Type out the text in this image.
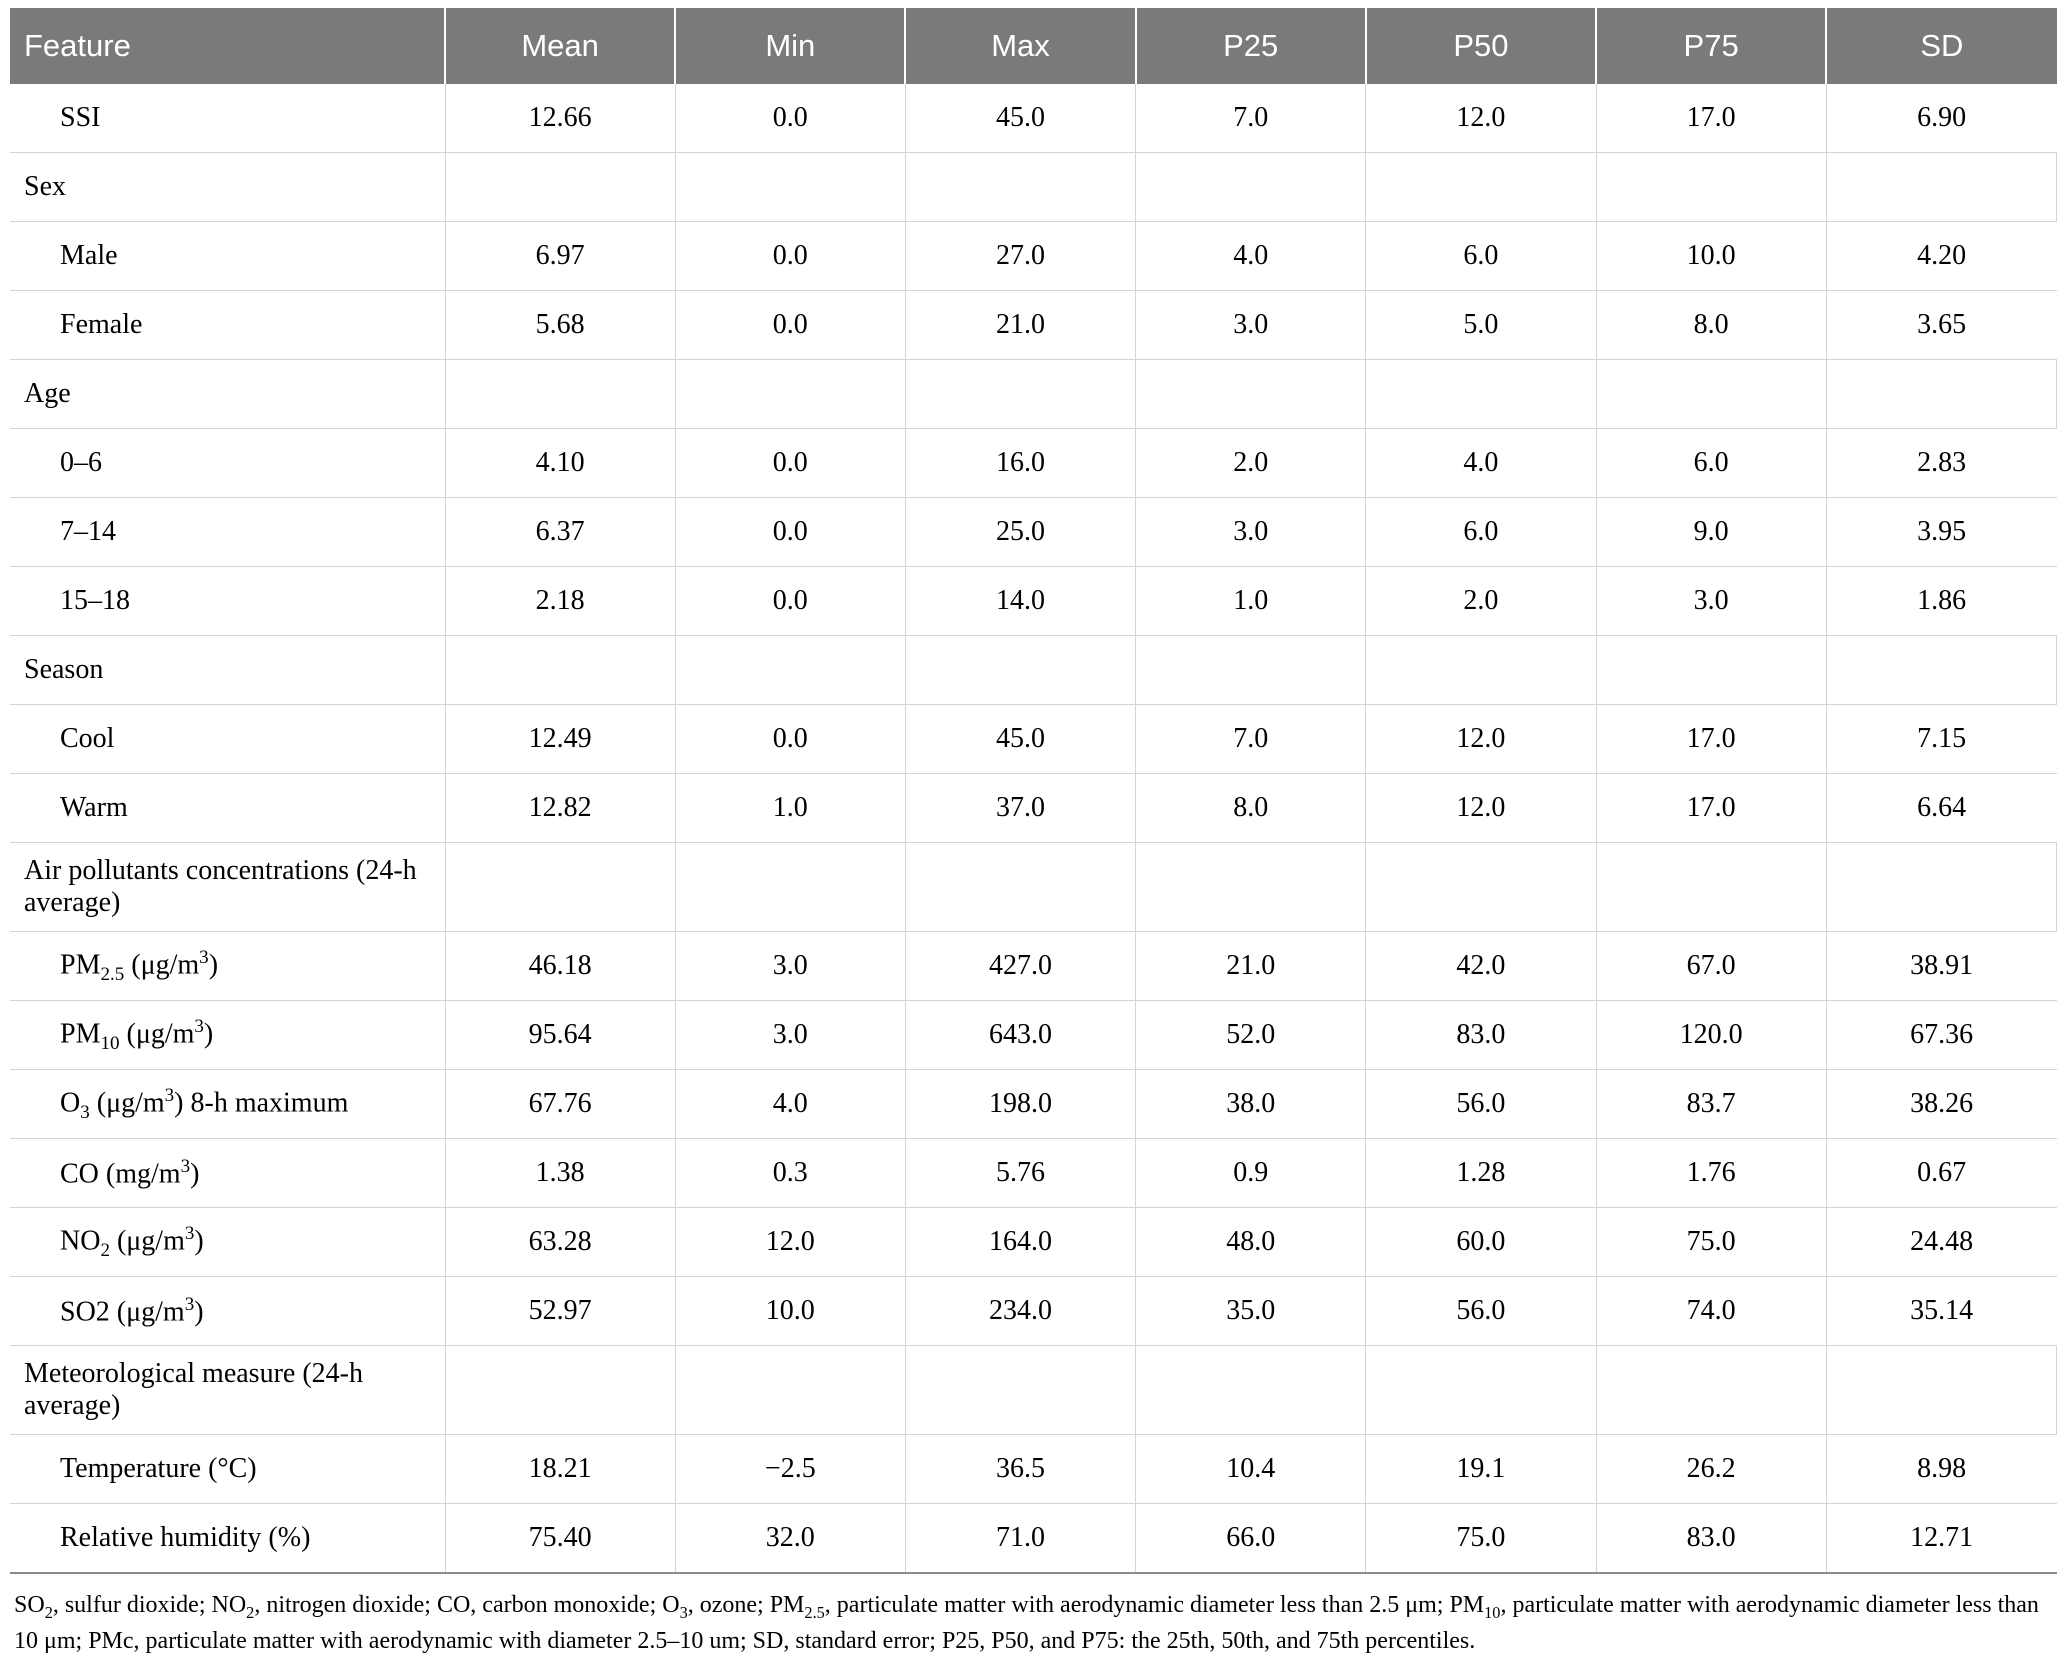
Feature	Mean	Min	Max	P25	P50	P75	SD
SSI	12.66	0.0	45.0	7.0	12.0	17.0	6.90
Sex							
Male	6.97	0.0	27.0	4.0	6.0	10.0	4.20
Female	5.68	0.0	21.0	3.0	5.0	8.0	3.65
Age							
0–6	4.10	0.0	16.0	2.0	4.0	6.0	2.83
7–14	6.37	0.0	25.0	3.0	6.0	9.0	3.95
15–18	2.18	0.0	14.0	1.0	2.0	3.0	1.86
Season							
Cool	12.49	0.0	45.0	7.0	12.0	17.0	7.15
Warm	12.82	1.0	37.0	8.0	12.0	17.0	6.64
Air pollutants concentrations (24-h average)							
$PM_{2.5}$ $(\mu g/m^3)$	46.18	3.0	427.0	21.0	42.0	67.0	38.91
$PM_{10}$ $(\mu g/m^3)$	95.64	3.0	643.0	52.0	83.0	120.0	67.36
$O_3$ $(\mu g/m^3)$ 8-h maximum	67.76	4.0	198.0	38.0	56.0	83.7	38.26
CO $(mg/m^3)$	1.38	0.3	5.76	0.9	1.28	1.76	0.67
$NO_2$ $(\mu g/m^3)$	63.28	12.0	164.0	48.0	60.0	75.0	24.48
SO2 $(\mu g/m^3)$	52.97	10.0	234.0	35.0	56.0	74.0	35.14
Meteorological measure (24-h average)							
Temperature (°C)	18.21	−2.5	36.5	10.4	19.1	26.2	8.98
Relative humidity (%)	75.40	32.0	71.0	66.0	75.0	83.0	12.71
$SO_2$, sulfur dioxide; $NO_2$, nitrogen dioxide; CO, carbon monoxide; $O_3$, ozone; $PM_{2.5}$, particulate matter with aerodynamic diameter less than 2.5 μm; $PM_{10}$, particulate matter with aerodynamic diameter less than 10 μm; PMc, particulate matter with aerodynamic with diameter 2.5–10 um; SD, standard error; P25, P50, and P75: the 25th, 50th, and 75th percentiles.
